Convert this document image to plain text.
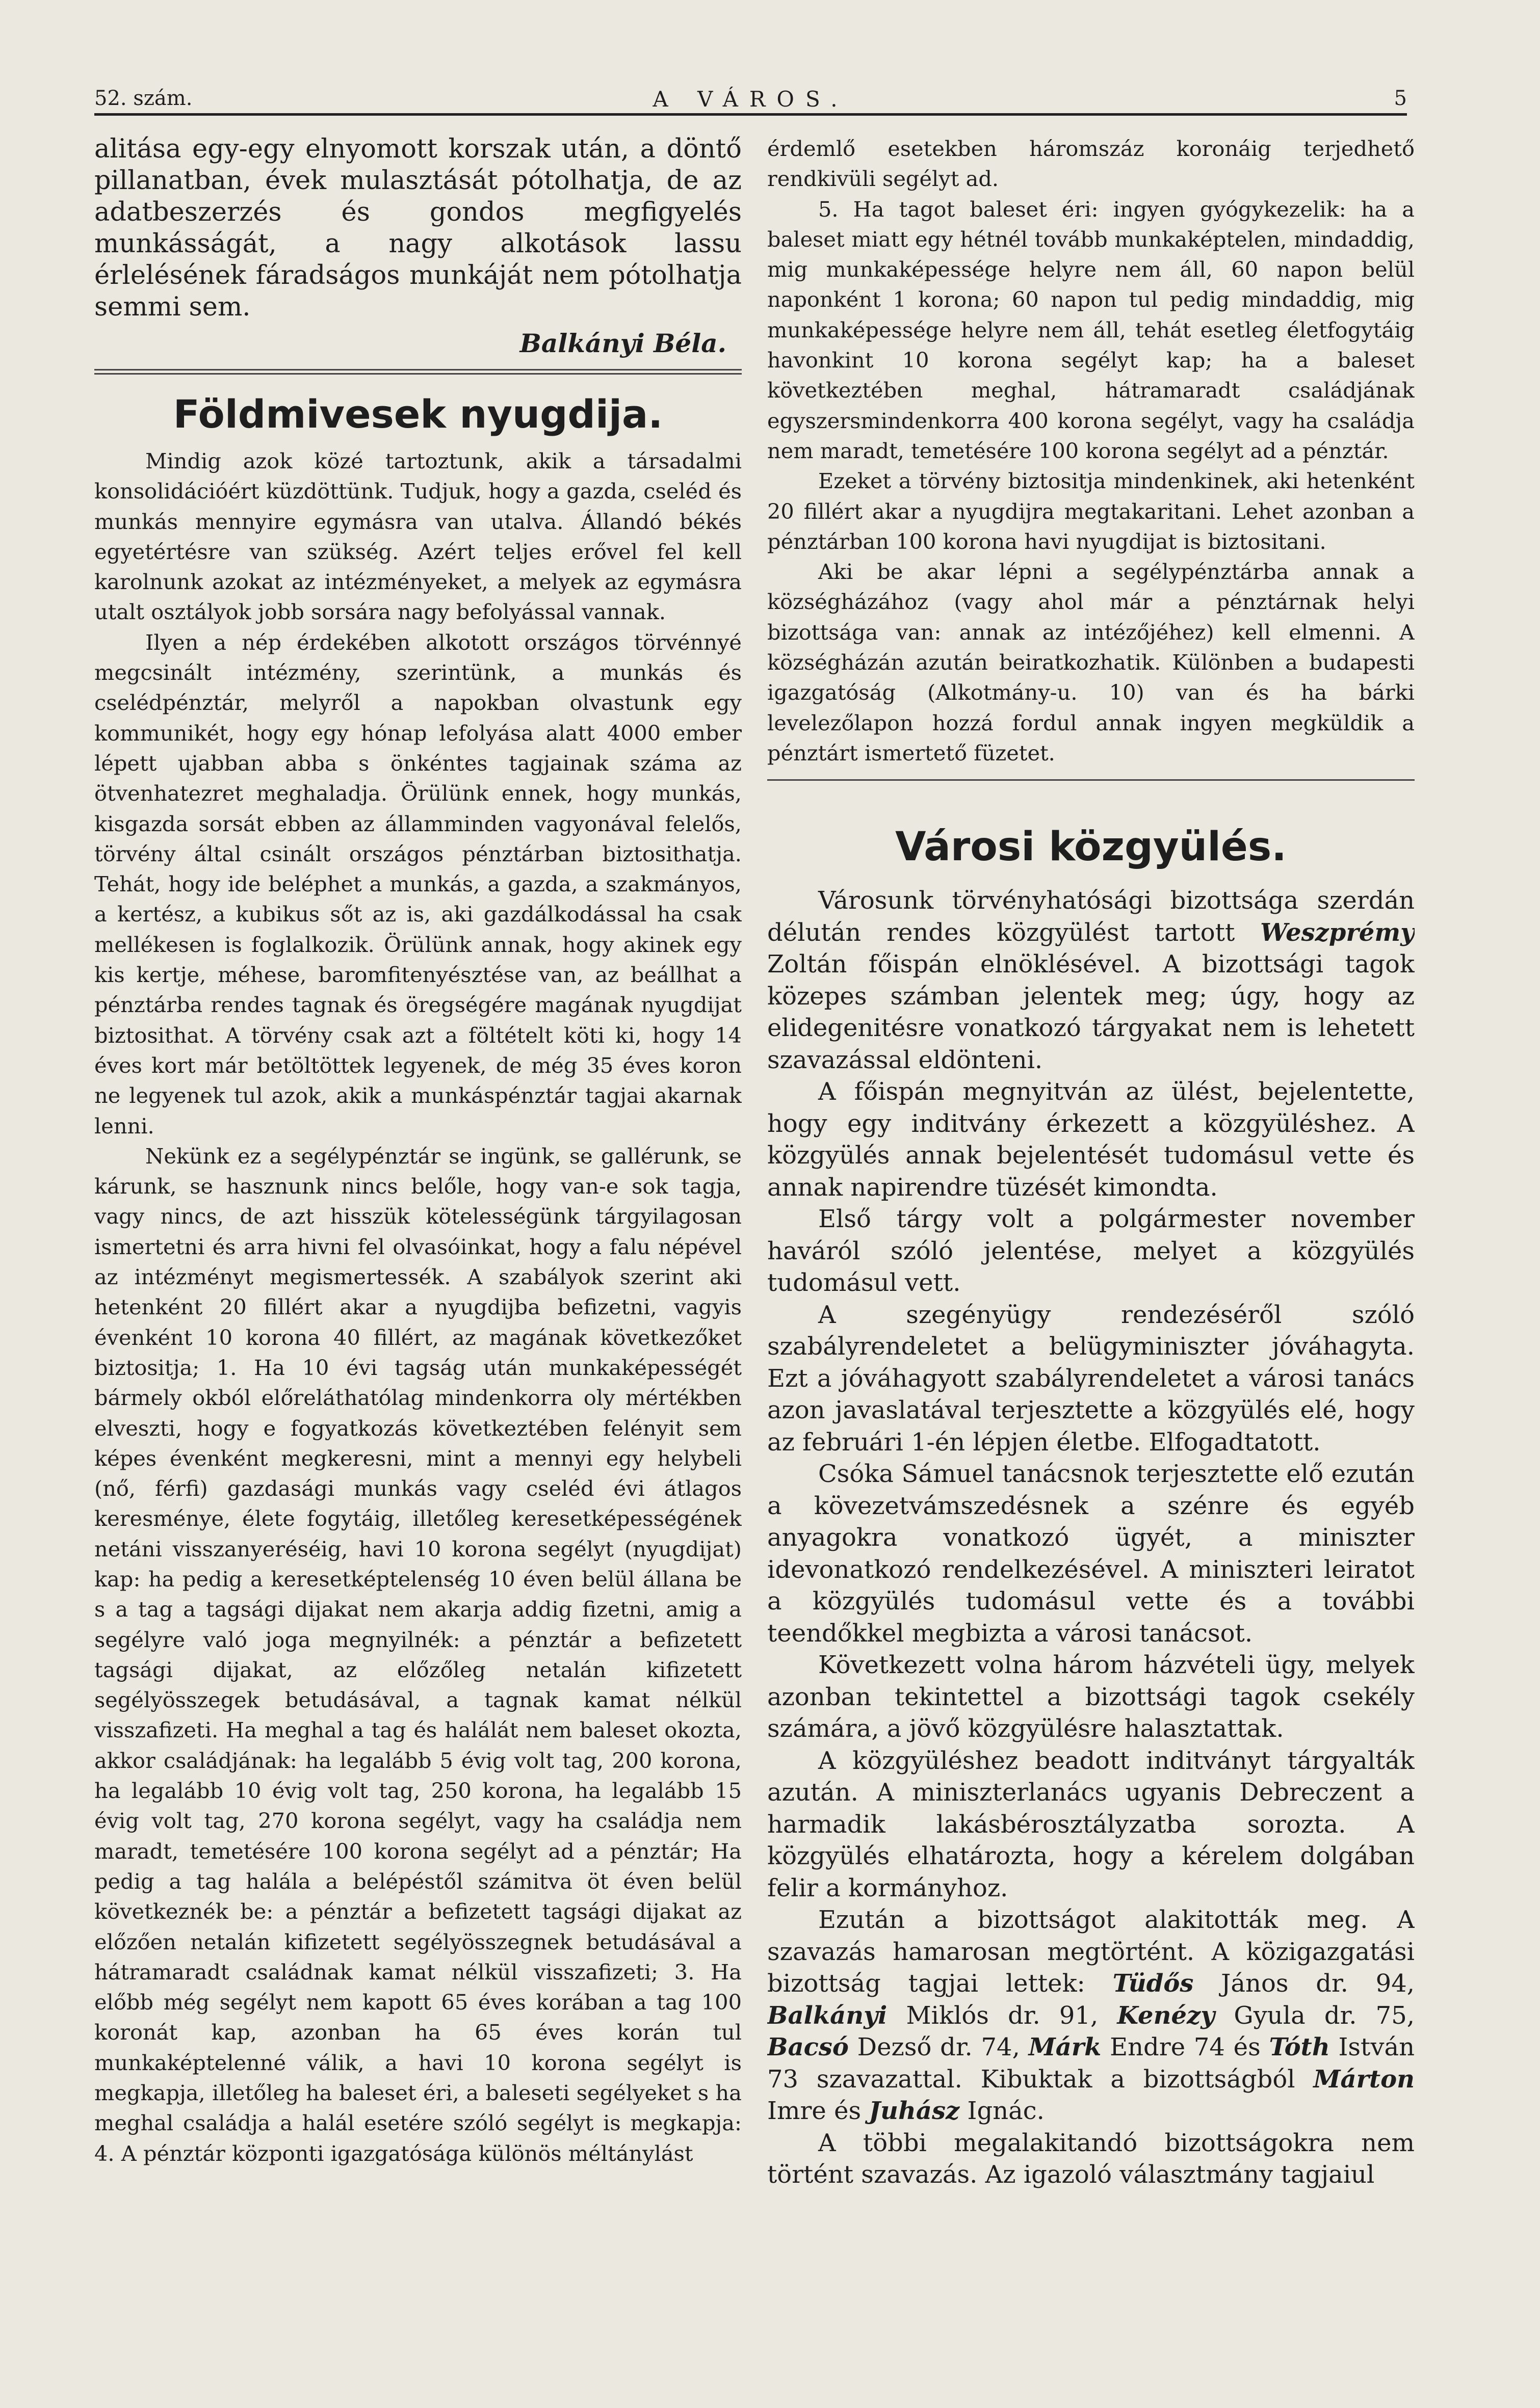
52. szám.	A VÁROS.	5

alitása egy-egy elnyomott korszak után, a döntő pillanatban, évek mulasztását pótolhatja, de az adatbeszerzés és gondos megfigyelés munkásságát, a nagy alkotások lassu érlelésének fáradságos munkáját nem pótolhatja semmi sem.

Balkányi Béla.
Földmivesek nyugdija.

Mindig azok közé tartoztunk, akik a társadalmi konsolidációért küzdöttünk. Tudjuk, hogy a gazda, cseléd és munkás mennyire egymásra van utalva. Állandó békés egyetértésre van szükség. Azért teljes erővel fel kell karolnunk azokat az intézményeket, a melyek az egymásra utalt osztályok jobb sorsára nagy befolyással vannak.

Ilyen a nép érdekében alkotott országos törvénnyé megcsinált intézmény, szerintünk, a munkás és cselédpénztár, melyről a napokban olvastunk egy kommunikét, hogy egy hónap lefolyása alatt 4000 ember lépett ujabban abba s önkéntes tagjainak száma az ötvenhatezret meghaladja. Örülünk ennek, hogy munkás, kisgazda sorsát ebben az államminden vagyonával felelős, törvény által csinált országos pénztárban biztosithatja. Tehát, hogy ide beléphet a munkás, a gazda, a szakmányos, a kertész, a kubikus sőt az is, aki gazdálkodással ha csak mellékesen is foglalkozik. Örülünk annak, hogy akinek egy kis kertje, méhese, baromfitenyésztése van, az beállhat a pénztárba rendes tagnak és öregségére magának nyugdijat biztosithat. A törvény csak azt a föltételt köti ki, hogy 14 éves kort már betöltöttek legyenek, de még 35 éves koron ne legyenek tul azok, akik a munkáspénztár tagjai akarnak lenni.

Nekünk ez a segélypénztár se ingünk, se gallérunk, se kárunk, se hasznunk nincs belőle, hogy van-e sok tagja, vagy nincs, de azt hisszük kötelességünk tárgyilagosan ismertetni és arra hivni fel olvasóinkat, hogy a falu népével az intézményt megismertessék. A szabályok szerint aki hetenként 20 fillért akar a nyugdijba befizetni, vagyis évenként 10 korona 40 fillért, az magának következőket biztositja; 1. Ha 10 évi tagság után munkaképességét bármely okból előreláthatólag mindenkorra oly mértékben elveszti, hogy e fogyatkozás következtében felényit sem képes évenként megkeresni, mint a mennyi egy helybeli (nő, férfi) gazdasági munkás vagy cseléd évi átlagos keresménye, élete fogytáig, illetőleg keresetképességének netáni visszanyeréséig, havi 10 korona segélyt (nyugdijat) kap: ha pedig a keresetképtelenség 10 éven belül állana be s a tag a tagsági dijakat nem akarja addig fizetni, amig a segélyre való joga megnyilnék: a pénztár a befizetett tagsági dijakat, az előzőleg netalán kifizetett segélyösszegek betudásával, a tagnak kamat nélkül visszafizeti. Ha meghal a tag és halálát nem baleset okozta, akkor családjának: ha legalább 5 évig volt tag, 200 korona, ha legalább 10 évig volt tag, 250 korona, ha legalább 15 évig volt tag, 270 korona segélyt, vagy ha családja nem maradt, temetésére 100 korona segélyt ad a pénztár; Ha pedig a tag halála a belépéstől számitva öt éven belül következnék be: a pénztár a befizetett tagsági dijakat az előzően netalán kifizetett segélyösszegnek betudásával a hátramaradt családnak kamat nélkül visszafizeti; 3. Ha előbb még segélyt nem kapott 65 éves korában a tag 100 koronát kap, azonban ha 65 éves korán tul munkaképtelenné válik, a havi 10 korona segélyt is megkapja, illetőleg ha baleset éri, a baleseti segélyeket s ha meghal családja a halál esetére szóló segélyt is megkapja: 4. A pénztár központi igazgatósága különös méltánylást

érdemlő esetekben háromszáz koronáig terjedhető rendkivüli segélyt ad.

5. Ha tagot baleset éri: ingyen gyógykezelik: ha a baleset miatt egy hétnél tovább munkaképtelen, mindaddig, mig munkaképessége helyre nem áll, 60 napon belül naponként 1 korona; 60 napon tul pedig mindaddig, mig munkaképessége helyre nem áll, tehát esetleg életfogytáig havonkint 10 korona segélyt kap; ha a baleset következtében meghal, hátramaradt családjának egyszersmindenkorra 400 korona segélyt, vagy ha családja nem maradt, temetésére 100 korona segélyt ad a pénztár.

Ezeket a törvény biztositja mindenkinek, aki hetenként 20 fillért akar a nyugdijra megtakaritani. Lehet azonban a pénztárban 100 korona havi nyugdijat is biztositani.

Aki be akar lépni a segélypénztárba annak a községházához (vagy ahol már a pénztárnak helyi bizottsága van: annak az intézőjéhez) kell elmenni. A községházán azután beiratkozhatik. Különben a budapesti igazgatóság (Alkotmány-u. 10) van és ha bárki levelezőlapon hozzá fordul annak ingyen megküldik a pénztárt ismertető füzetet.

Városi közgyülés.

Városunk törvényhatósági bizottsága szerdán délután rendes közgyülést tartott Weszprémy Zoltán főispán elnöklésével. A bizottsági tagok közepes számban jelentek meg; úgy, hogy az elidegenitésre vonatkozó tárgyakat nem is lehetett szavazással eldönteni.

A főispán megnyitván az ülést, bejelentette, hogy egy inditvány érkezett a közgyüléshez. A közgyülés annak bejelentését tudomásul vette és annak napirendre tüzését kimondta.

Első tárgy volt a polgármester november haváról szóló jelentése, melyet a közgyülés tudomásul vett.

A szegényügy rendezéséről szóló szabályrendeletet a belügyminiszter jóváhagyta. Ezt a jóváhagyott szabályrendeletet a városi tanács azon javaslatával terjesztette a közgyülés elé, hogy az februári 1-én lépjen életbe. Elfogadtatott.

Csóka Sámuel tanácsnok terjesztette elő ezután a kövezetvámszedésnek a szénre és egyéb anyagokra vonatkozó ügyét, a miniszter idevonatkozó rendelkezésével. A miniszteri leiratot a közgyülés tudomásul vette és a további teendőkkel megbizta a városi tanácsot.

Következett volna három házvételi ügy, melyek azonban tekintettel a bizottsági tagok csekély számára, a jövő közgyülésre halasztattak.

A közgyüléshez beadott inditványt tárgyalták azután. A miniszterlanács ugyanis Debreczent a harmadik lakásbérosztályzatba sorozta. A közgyülés elhatározta, hogy a kérelem dolgában felir a kormányhoz.

Ezután a bizottságot alakitották meg. A szavazás hamarosan megtörtént. A közigazgatási bizottság tagjai lettek: Tüdős János dr. 94, Balkányi Miklós dr. 91, Kenézy Gyula dr. 75, Bacsó Dezső dr. 74, Márk Endre 74 és Tóth István 73 szavazattal. Kibuktak a bizottságból Márton Imre és Juhász Ignác.

A többi megalakitandó bizottságokra nem történt szavazás. Az igazoló választmány tagjaiul
